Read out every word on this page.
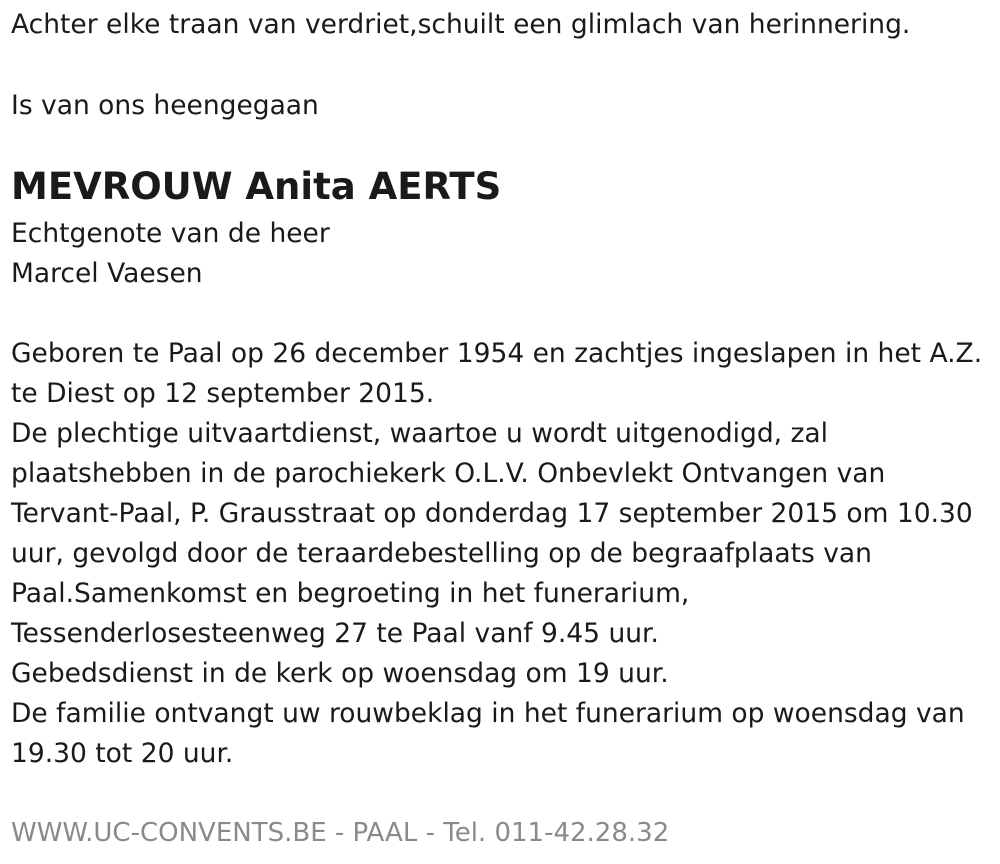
Achter elke traan van verdriet,schuilt een glimlach van herinnering.
Is van ons heengegaan
MEVROUW Anita AERTS
Echtgenote van de heer
Marcel Vaesen
Geboren te Paal op 26 december 1954 en zachtjes ingeslapen in het A.Z.
te Diest op 12 september 2015.
De plechtige uitvaartdienst, waartoe u wordt uitgenodigd, zal
plaatshebben in de parochiekerk O.L.V. Onbevlekt Ontvangen van
Tervant-Paal, P. Grausstraat op donderdag 17 september 2015 om 10.30
uur, gevolgd door de teraardebestelling op de begraafplaats van
Paal.Samenkomst en begroeting in het funerarium,
Tessenderlosesteenweg 27 te Paal vanf 9.45 uur.
Gebedsdienst in de kerk op woensdag om 19 uur.
De familie ontvangt uw rouwbeklag in het funerarium op woensdag van
19.30 tot 20 uur.
WWW.UC-CONVENTS.BE - PAAL - Tel. 011-42.28.32
